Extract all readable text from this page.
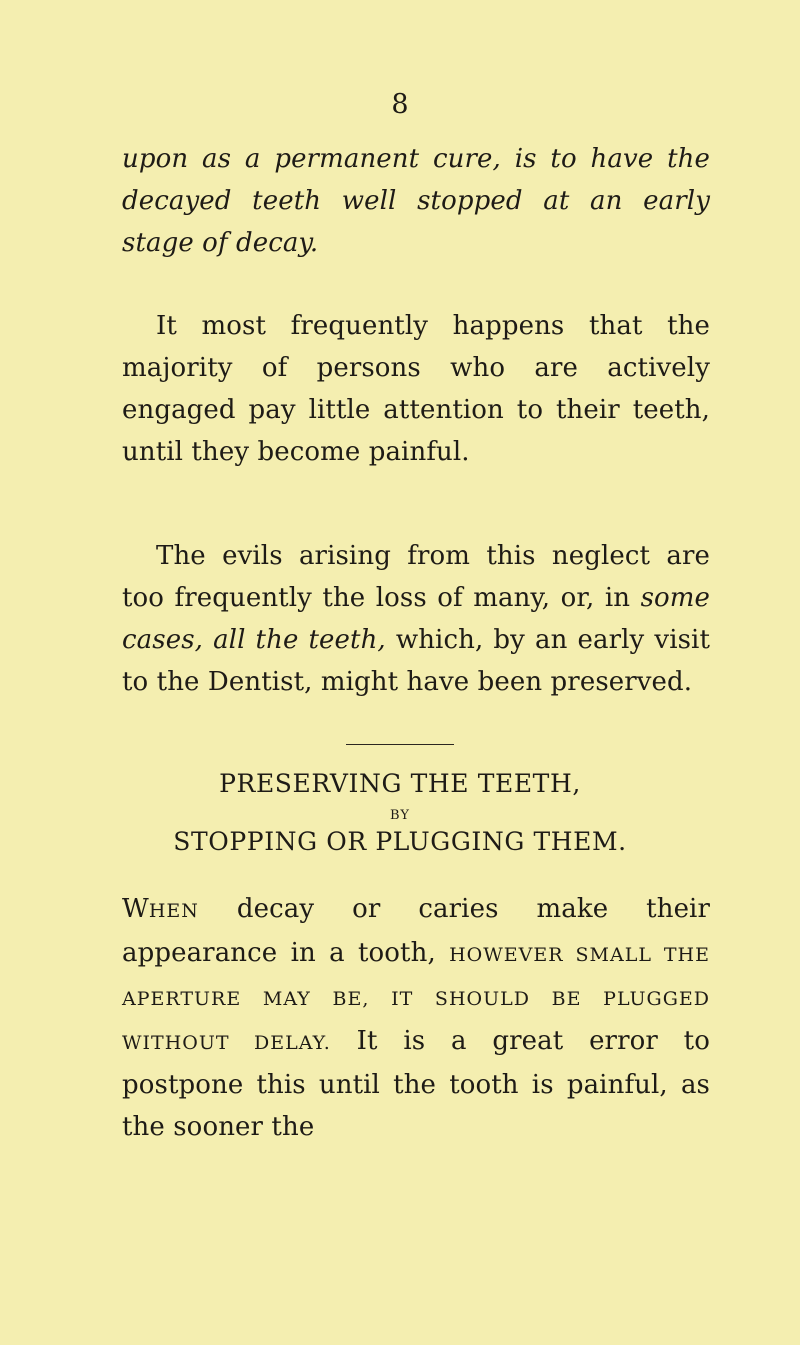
8

upon as a permanent cure, is to have the decayed teeth well stopped at an early stage of decay.

It most frequently happens that the majority of persons who are actively engaged pay little attention to their teeth, until they become painful.

The evils arising from this neglect are too frequently the loss of many, or, in some cases, all the teeth, which, by an early visit to the Dentist, might have been preserved.

PRESERVING THE TEETH,
BY
STOPPING OR PLUGGING THEM.

WHEN decay or caries make their appearance in a tooth, HOWEVER SMALL THE APERTURE MAY BE, IT SHOULD BE PLUGGED WITHOUT DELAY. It is a great error to postpone this until the tooth is painful, as the sooner the
